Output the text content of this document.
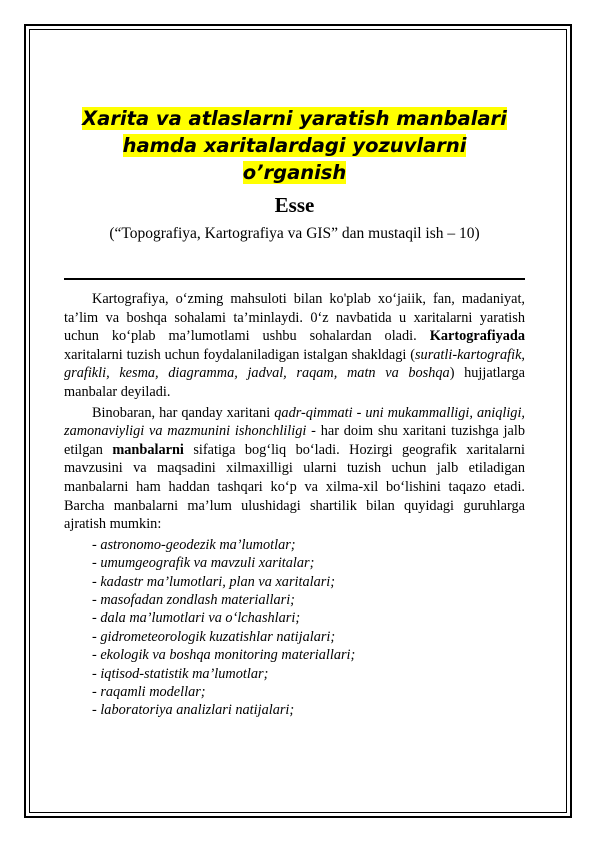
Xarita va atlaslarni yaratish manbalari
hamda xaritalardagi yozuvlarni
o’rganish
Esse
(“Topografiya, Kartografiya va GIS” dan mustaqil ish – 10)

Kartografiya, o‘zming mahsuloti bilan ko'plab xo‘jaiik, fan, madaniyat, ta’lim va boshqa sohalami ta’minlaydi. 0‘z navbatida u xaritalarni yaratish uchun ko‘plab ma’lumotlami ushbu sohalardan oladi. Kartografiyada xaritalarni tuzish uchun foydalaniladigan istalgan shakldagi (suratli-kartografik, grafikli, kesma, diagramma, jadval, raqam, matn va boshqa) hujjatlarga manbalar deyiladi.

Binobaran, har qanday xaritani qadr-qimmati - uni mukammalligi, aniqligi, zamonaviyligi va mazmunini ishonchliligi - har doim shu xaritani tuzishga jalb etilgan manbalarni sifatiga bog‘liq bo‘ladi. Hozirgi geografik xaritalarni mavzusini va maqsadini xilmaxilligi ularni tuzish uchun jalb etiladigan manbalarni ham haddan tashqari ko‘p va xilma-xil bo‘lishini taqazo etadi. Barcha manbalarni ma’lum ulushidagi shartilik bilan quyidagi guruhlarga ajratish mumkin:

- astronomo-geodezik ma’lumotlar;
- umumgeografik va mavzuli xaritalar;
- kadastr ma’lumotlari, plan va xaritalari;
- masofadan zondlash materiallari;
- dala ma’lumotlari va o‘lchashlari;
- gidrometeorologik kuzatishlar natijalari;
- ekologik va boshqa monitoring materiallari;
- iqtisod-statistik ma’lumotlar;
- raqamli modellar;
- laboratoriya analizlari natijalari;
